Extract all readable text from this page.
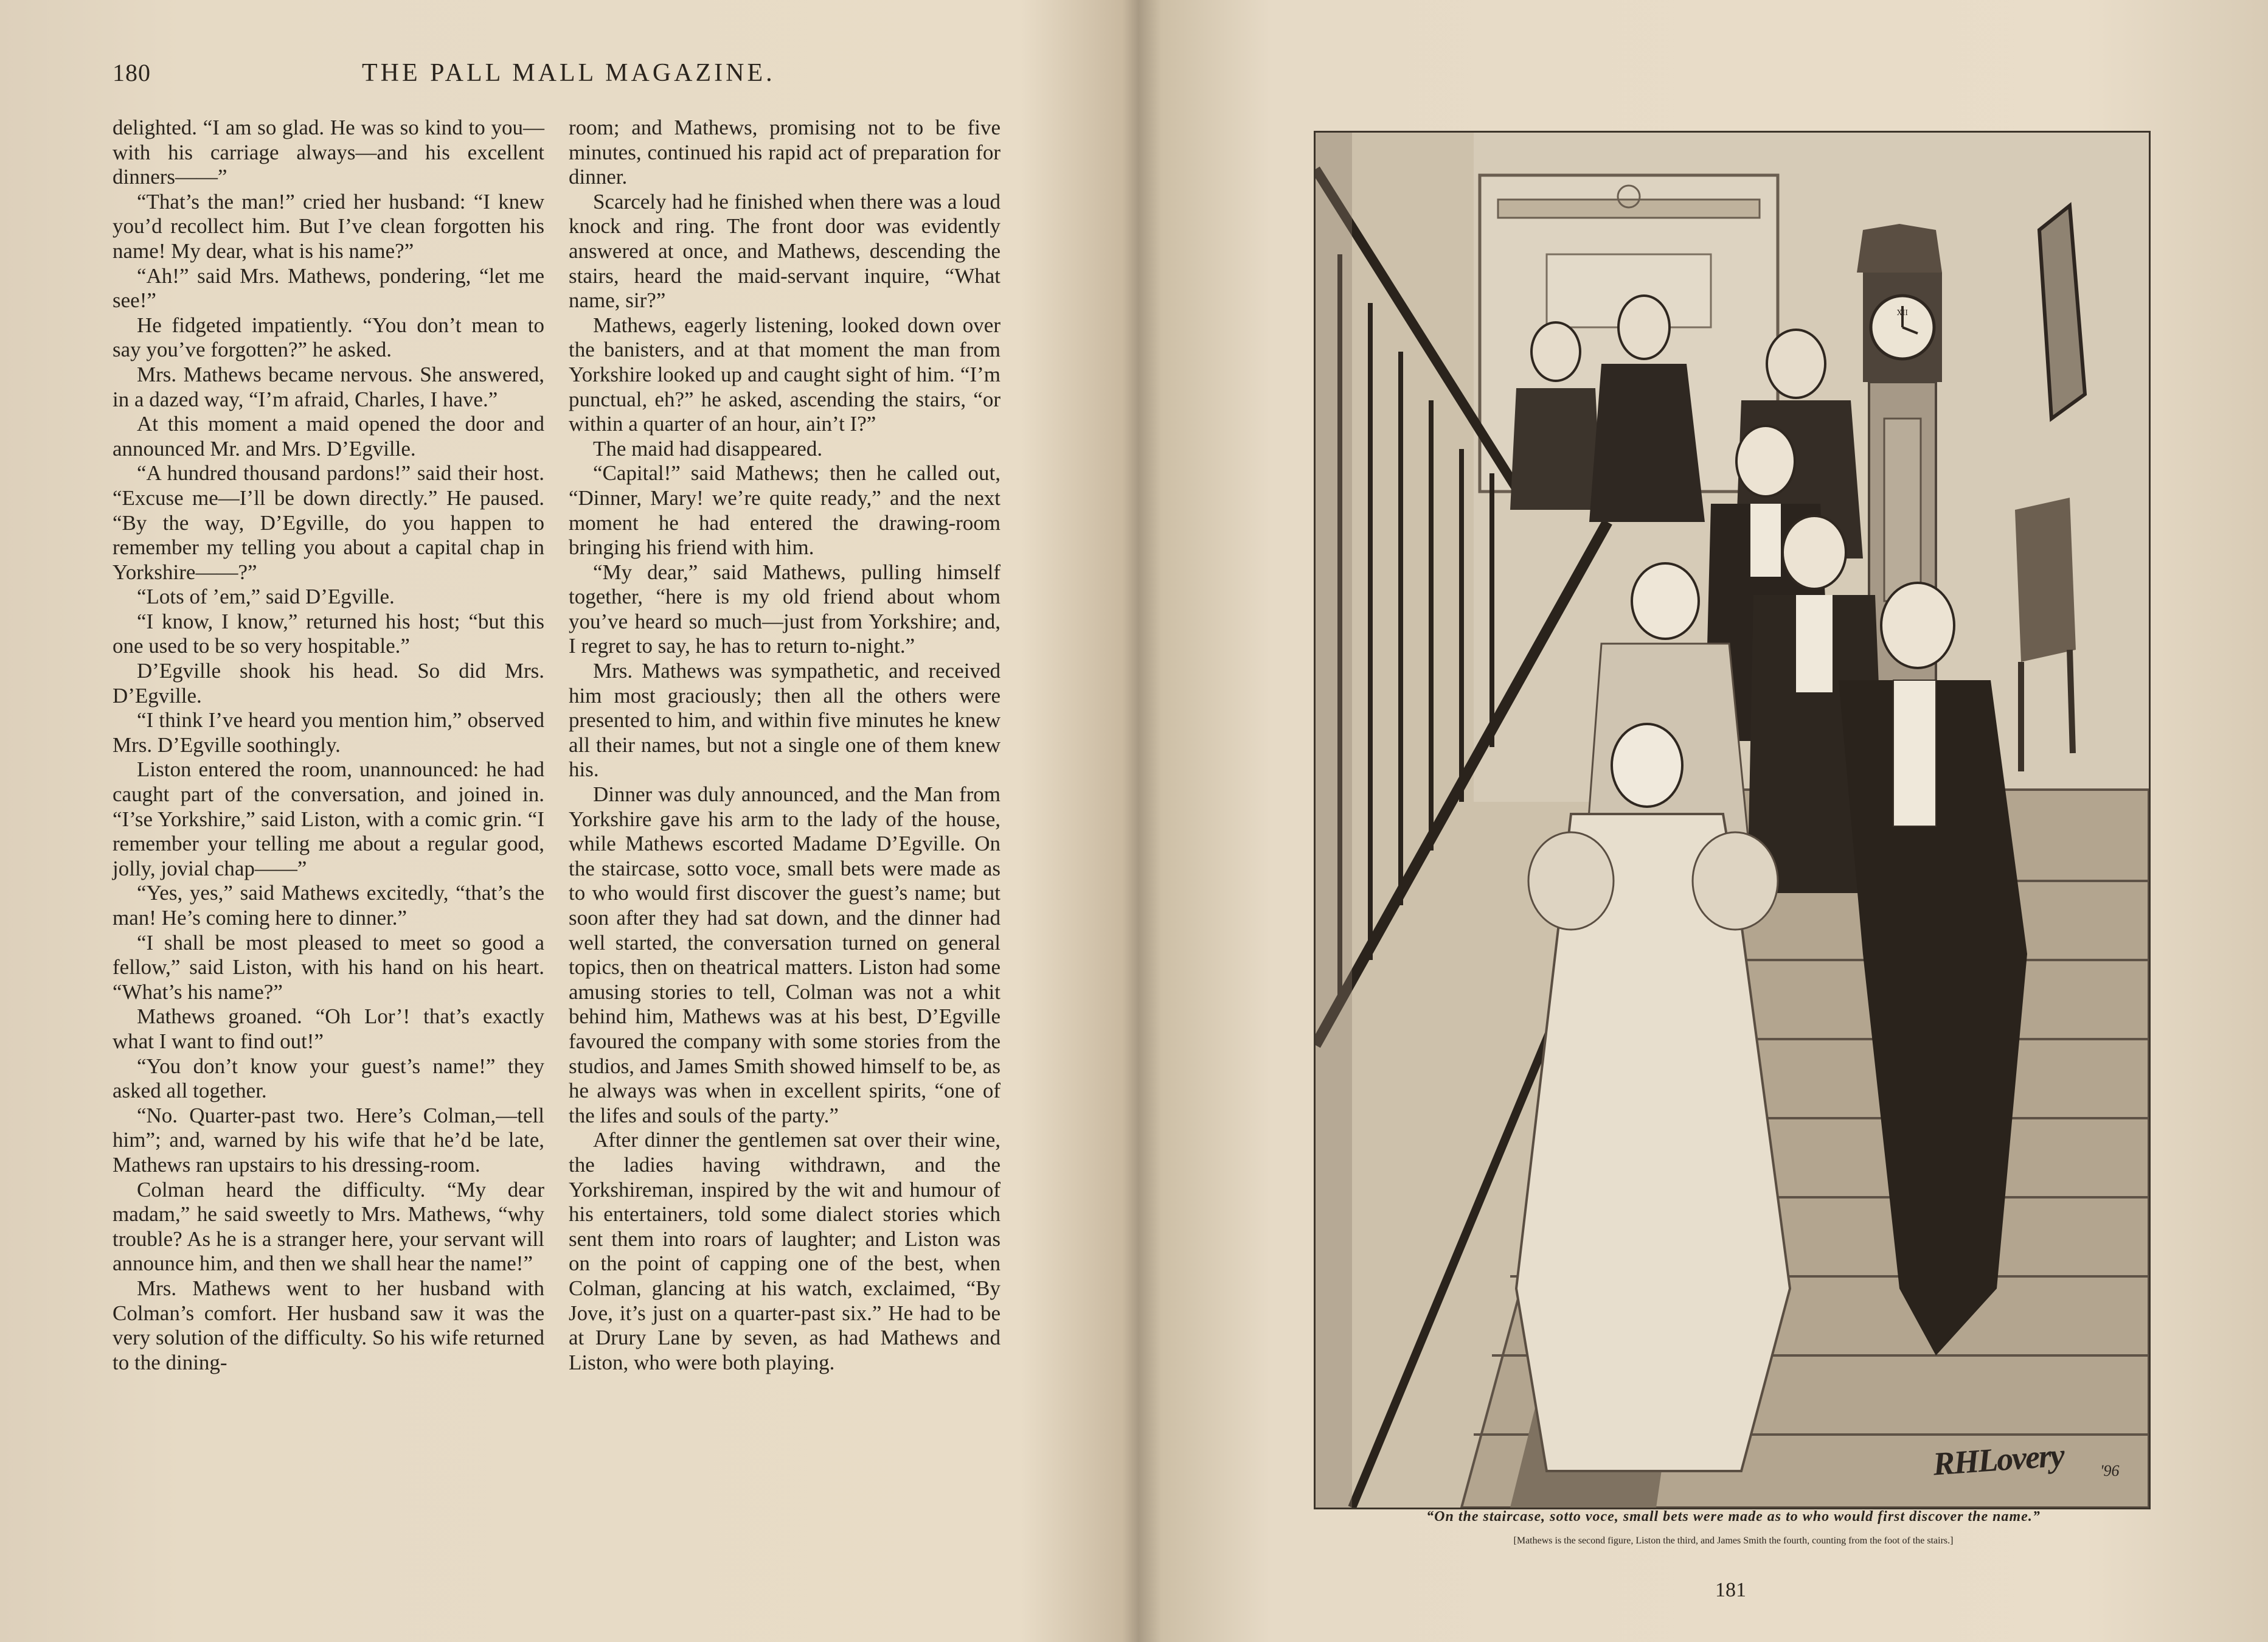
180	THE PALL MALL MAGAZINE.

delighted. “I am so glad. He was so kind to you—with his carriage always—and his excellent dinners——”

“That’s the man!” cried her husband: “I knew you’d recollect him. But I’ve clean forgotten his name! My dear, what is his name?”

“Ah!” said Mrs. Mathews, pondering, “let me see!”

He fidgeted impatiently. “You don’t mean to say you’ve forgotten?” he asked.

Mrs. Mathews became nervous. She answered, in a dazed way, “I’m afraid, Charles, I have.”

At this moment a maid opened the door and announced Mr. and Mrs. D’Egville.

“A hundred thousand pardons!” said their host. “Excuse me—I’ll be down directly.” He paused. “By the way, D’Egville, do you happen to remember my telling you about a capital chap in Yorkshire——?”

“Lots of ’em,” said D’Egville.

“I know, I know,” returned his host; “but this one used to be so very hospitable.”

D’Egville shook his head. So did Mrs. D’Egville.

“I think I’ve heard you mention him,” observed Mrs. D’Egville soothingly.

Liston entered the room, unannounced: he had caught part of the conversation, and joined in. “I’se Yorkshire,” said Liston, with a comic grin. “I remember your telling me about a regular good, jolly, jovial chap——”

“Yes, yes,” said Mathews excitedly, “that’s the man! He’s coming here to dinner.”

“I shall be most pleased to meet so good a fellow,” said Liston, with his hand on his heart. “What’s his name?”

Mathews groaned. “Oh Lor’! that’s exactly what I want to find out!”

“You don’t know your guest’s name!” they asked all together.

“No. Quarter-past two. Here’s Colman,—tell him”; and, warned by his wife that he’d be late, Mathews ran upstairs to his dressing-room.

Colman heard the difficulty. “My dear madam,” he said sweetly to Mrs. Mathews, “why trouble? As he is a stranger here, your servant will announce him, and then we shall hear the name!”

Mrs. Mathews went to her husband with Colman’s comfort. Her husband saw it was the very solution of the difficulty. So his wife returned to the dining-

room; and Mathews, promising not to be five minutes, continued his rapid act of preparation for dinner.

Scarcely had he finished when there was a loud knock and ring. The front door was evidently answered at once, and Mathews, descending the stairs, heard the maid-servant inquire, “What name, sir?”

Mathews, eagerly listening, looked down over the banisters, and at that moment the man from Yorkshire looked up and caught sight of him. “I’m punctual, eh?” he asked, ascending the stairs, “or within a quarter of an hour, ain’t I?”

The maid had disappeared.

“Capital!” said Mathews; then he called out, “Dinner, Mary! we’re quite ready,” and the next moment he had entered the drawing-room bringing his friend with him.

“My dear,” said Mathews, pulling himself together, “here is my old friend about whom you’ve heard so much—just from Yorkshire; and, I regret to say, he has to return to-night.”

Mrs. Mathews was sympathetic, and received him most graciously; then all the others were presented to him, and within five minutes he knew all their names, but not a single one of them knew his.

Dinner was duly announced, and the Man from Yorkshire gave his arm to the lady of the house, while Mathews escorted Madame D’Egville. On the staircase, sotto voce, small bets were made as to who would first discover the guest’s name; but soon after they had sat down, and the dinner had well started, the conversation turned on general topics, then on theatrical matters. Liston had some amusing stories to tell, Colman was not a whit behind him, Mathews was at his best, D’Egville favoured the company with some stories from the studios, and James Smith showed himself to be, as he always was when in excellent spirits, “one of the lifes and souls of the party.”

After dinner the gentlemen sat over their wine, the ladies having withdrawn, and the Yorkshireman, inspired by the wit and humour of his entertainers, told some dialect stories which sent them into roars of laughter; and Liston was on the point of capping one of the best, when Colman, glancing at his watch, exclaimed, “By Jove, it’s just on a quarter-past six.” He had to be at Drury Lane by seven, as had Mathews and Liston, who were both playing.

XII
RHLovery '96
“On the staircase, sotto voce, small bets were made as to who would first discover the name.”
[Mathews is the second figure, Liston the third, and James Smith the fourth, counting from the foot of the stairs.]
181
